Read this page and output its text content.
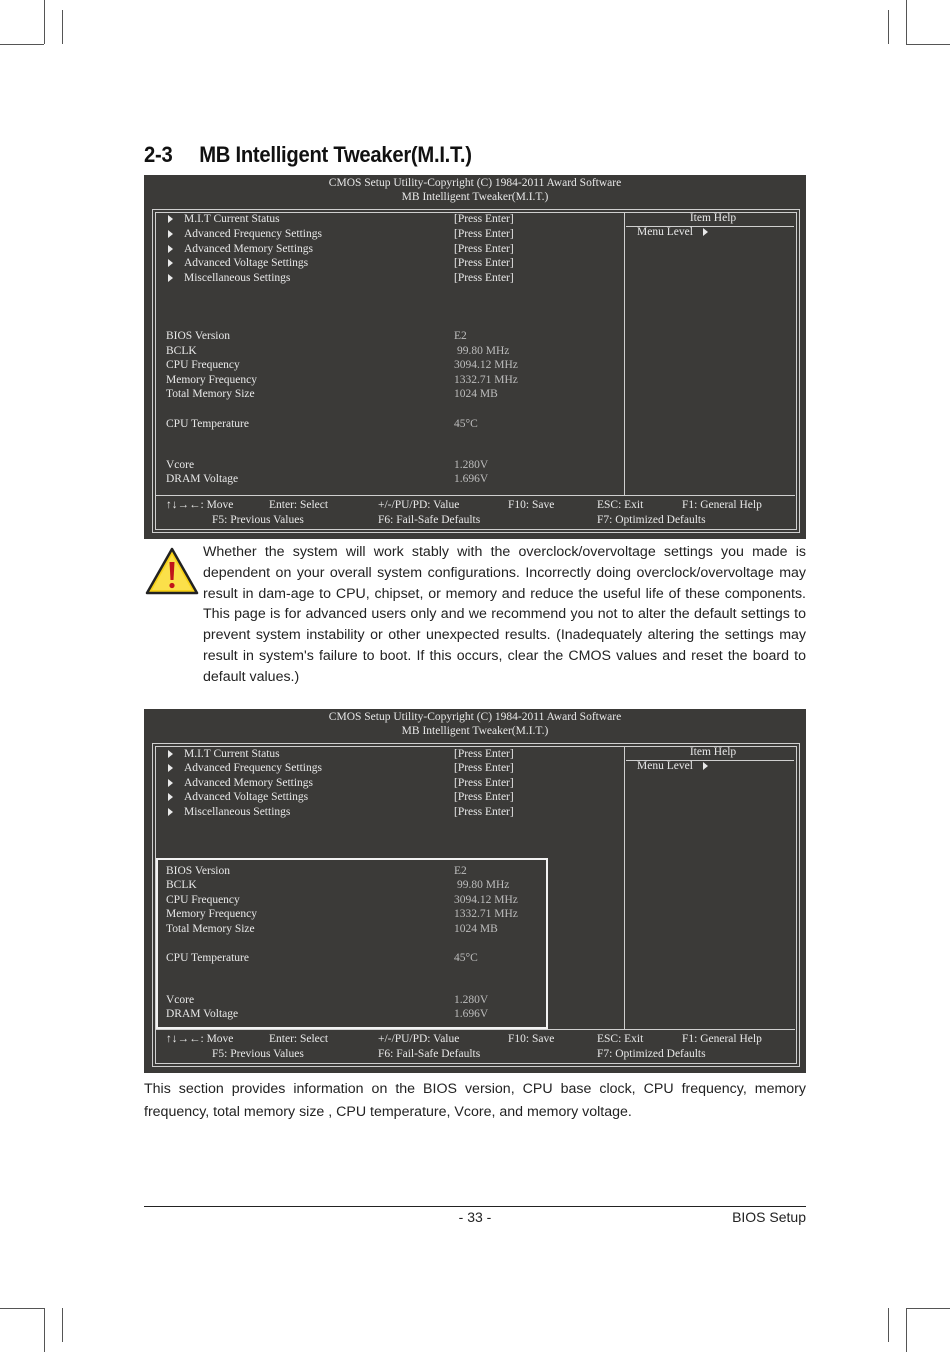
2-3 MB Intelligent Tweaker(M.I.T.)
CMOS Setup Utility-Copyright (C) 1984-2011 Award Software
MB Intelligent Tweaker(M.I.T.)
Item Help
Menu Level
M.I.T Current Status	[Press Enter]
Advanced Frequency Settings	[Press Enter]
Advanced Memory Settings	[Press Enter]
Advanced Voltage Settings	[Press Enter]
Miscellaneous Settings	[Press Enter]
BIOS Version	E2
BCLK	99.80 MHz
CPU Frequency	3094.12 MHz
Memory Frequency	1332.71 MHz
Total Memory Size	1024 MB
CPU Temperature	45°C
Vcore	1.280V
DRAM Voltage	1.696V
↑↓→←: Move	Enter: Select	+/-/PU/PD: Value	F10: Save	ESC: Exit	F1: General Help
F5: Previous Values	F6: Fail-Safe Defaults	F7: Optimized Defaults
Whether the system will work stably with the overclock/overvoltage settings you made is dependent on your overall system configurations. Incorrectly doing overclock/overvoltage may result in dam-age to CPU, chipset, or memory and reduce the useful life of these components. This page is for advanced users only and we recommend you not to alter the default settings to prevent system instability or other unexpected results. (Inadequately altering the settings may result in system's failure to boot. If this occurs, clear the CMOS values and reset the board to default values.)
CMOS Setup Utility-Copyright (C) 1984-2011 Award Software
MB Intelligent Tweaker(M.I.T.)
Item Help
Menu Level
M.I.T Current Status	[Press Enter]
Advanced Frequency Settings	[Press Enter]
Advanced Memory Settings	[Press Enter]
Advanced Voltage Settings	[Press Enter]
Miscellaneous Settings	[Press Enter]
BIOS Version	E2
BCLK	99.80 MHz
CPU Frequency	3094.12 MHz
Memory Frequency	1332.71 MHz
Total Memory Size	1024 MB
CPU Temperature	45°C
Vcore	1.280V
DRAM Voltage	1.696V
↑↓→←: Move	Enter: Select	+/-/PU/PD: Value	F10: Save	ESC: Exit	F1: General Help
F5: Previous Values	F6: Fail-Safe Defaults	F7: Optimized Defaults
This section provides information on the BIOS version, CPU base clock, CPU frequency, memory frequency, total memory size , CPU temperature, Vcore, and memory voltage.
- 33 -	BIOS Setup
